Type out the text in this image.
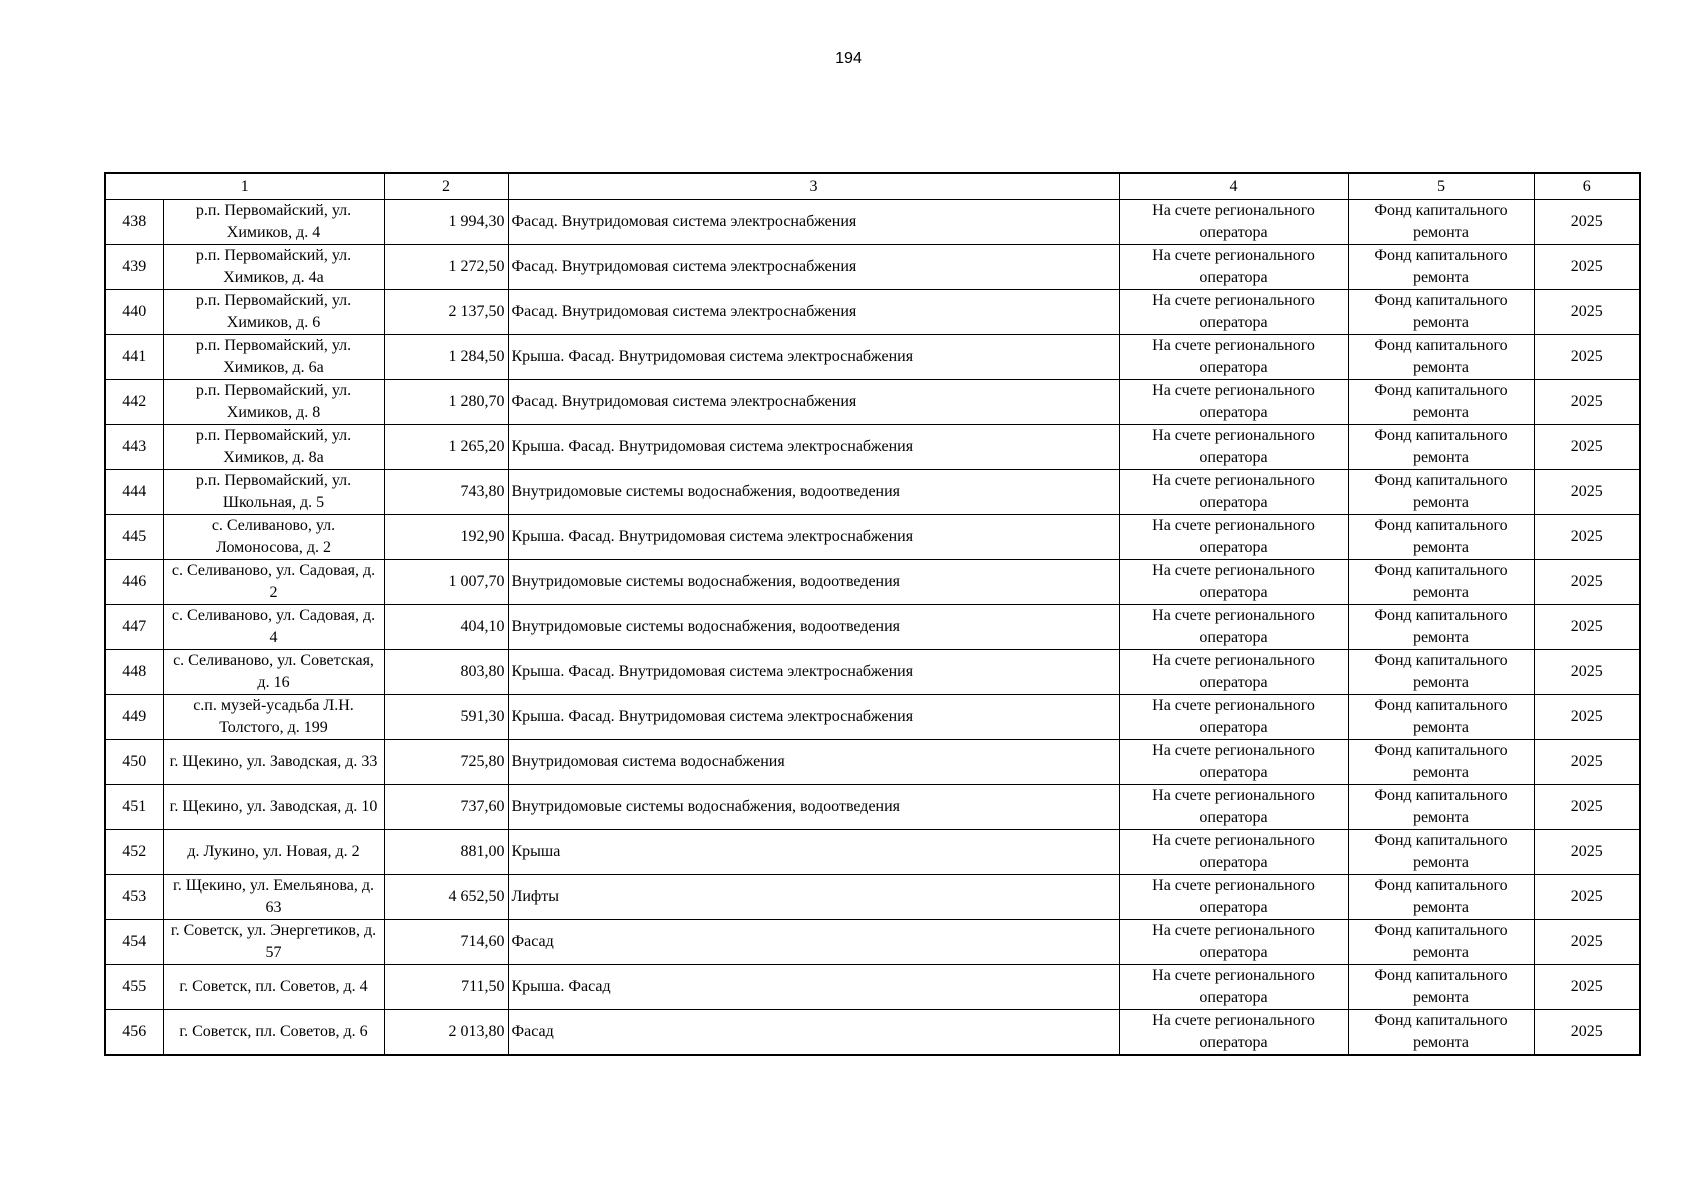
194
1		2	3	4	5	6
438	р.п. Первомайский, ул. Химиков, д. 4	1 994,30	Фасад. Внутридомовая система электроснабжения	На счете регионального оператора	Фонд капитального ремонта	2025
439	р.п. Первомайский, ул. Химиков, д. 4а	1 272,50	Фасад. Внутридомовая система электроснабжения	На счете регионального оператора	Фонд капитального ремонта	2025
440	р.п. Первомайский, ул. Химиков, д. 6	2 137,50	Фасад. Внутридомовая система электроснабжения	На счете регионального оператора	Фонд капитального ремонта	2025
441	р.п. Первомайский, ул. Химиков, д. 6а	1 284,50	Крыша. Фасад. Внутридомовая система электроснабжения	На счете регионального оператора	Фонд капитального ремонта	2025
442	р.п. Первомайский, ул. Химиков, д. 8	1 280,70	Фасад. Внутридомовая система электроснабжения	На счете регионального оператора	Фонд капитального ремонта	2025
443	р.п. Первомайский, ул. Химиков, д. 8а	1 265,20	Крыша. Фасад. Внутридомовая система электроснабжения	На счете регионального оператора	Фонд капитального ремонта	2025
444	р.п. Первомайский, ул. Школьная, д. 5	743,80	Внутридомовые системы водоснабжения, водоотведения	На счете регионального оператора	Фонд капитального ремонта	2025
445	с. Селиваново, ул. Ломоносова, д. 2	192,90	Крыша. Фасад. Внутридомовая система электроснабжения	На счете регионального оператора	Фонд капитального ремонта	2025
446	с. Селиваново, ул. Садовая, д. 2	1 007,70	Внутридомовые системы водоснабжения, водоотведения	На счете регионального оператора	Фонд капитального ремонта	2025
447	с. Селиваново, ул. Садовая, д. 4	404,10	Внутридомовые системы водоснабжения, водоотведения	На счете регионального оператора	Фонд капитального ремонта	2025
448	с. Селиваново, ул. Советская, д. 16	803,80	Крыша. Фасад. Внутридомовая система электроснабжения	На счете регионального оператора	Фонд капитального ремонта	2025
449	с.п. музей-усадьба Л.Н. Толстого, д. 199	591,30	Крыша. Фасад. Внутридомовая система электроснабжения	На счете регионального оператора	Фонд капитального ремонта	2025
450	г. Щекино, ул. Заводская, д. 33	725,80	Внутридомовая система водоснабжения	На счете регионального оператора	Фонд капитального ремонта	2025
451	г. Щекино, ул. Заводская, д. 10	737,60	Внутридомовые системы водоснабжения, водоотведения	На счете регионального оператора	Фонд капитального ремонта	2025
452	д. Лукино, ул. Новая, д. 2	881,00	Крыша	На счете регионального оператора	Фонд капитального ремонта	2025
453	г. Щекино, ул. Емельянова, д. 63	4 652,50	Лифты	На счете регионального оператора	Фонд капитального ремонта	2025
454	г. Советск, ул. Энергетиков, д. 57	714,60	Фасад	На счете регионального оператора	Фонд капитального ремонта	2025
455	г. Советск, пл. Советов, д. 4	711,50	Крыша. Фасад	На счете регионального оператора	Фонд капитального ремонта	2025
456	г. Советск, пл. Советов, д. 6	2 013,80	Фасад	На счете регионального оператора	Фонд капитального ремонта	2025
